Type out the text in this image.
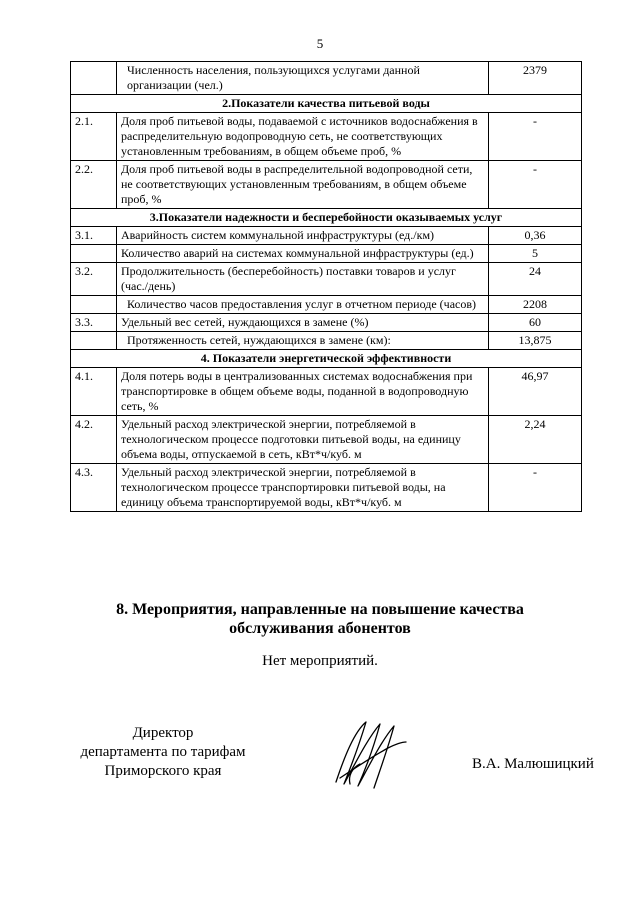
5
	Численность населения, пользующихся услугами данной организации (чел.)	2379
2.Показатели качества питьевой воды		
2.1.	Доля проб питьевой воды, подаваемой с источников водоснабжения в распределительную водопроводную сеть, не соответствующих установленным требованиям, в общем объеме проб, %	-
2.2.	Доля проб питьевой воды в распределительной водопроводной сети, не соответствующих установленным требованиям, в общем объеме проб, %	-
3.Показатели надежности и бесперебойности оказываемых услуг		
3.1.	Аварийность систем коммунальной инфраструктуры (ед./км)	0,36
	Количество аварий на системах коммунальной инфраструктуры (ед.)	5
3.2.	Продолжительность (бесперебойность) поставки товаров и услуг (час./день)	24
	Количество часов предоставления услуг в отчетном периоде (часов)	2208
3.3.	Удельный вес сетей, нуждающихся в замене (%)	60
	Протяженность сетей, нуждающихся в замене (км):	13,875
4. Показатели энергетической эффективности		
4.1.	Доля потерь воды в централизованных системах водоснабжения при транспортировке в общем объеме воды, поданной в водопроводную сеть, %	46,97
4.2.	Удельный расход электрической энергии, потребляемой в технологическом процессе подготовки питьевой воды, на единицу объема воды, отпускаемой в сеть, кВт*ч/куб. м	2,24
4.3.	Удельный расход электрической энергии, потребляемой в технологическом процессе транспортировки питьевой воды, на единицу объема транспортируемой воды, кВт*ч/куб. м	-
8. Мероприятия, направленные на повышение качества
обслуживания абонентов
Нет мероприятий.
Директор
департамента по тарифам
Приморского края	В.А. Малюшицкий
